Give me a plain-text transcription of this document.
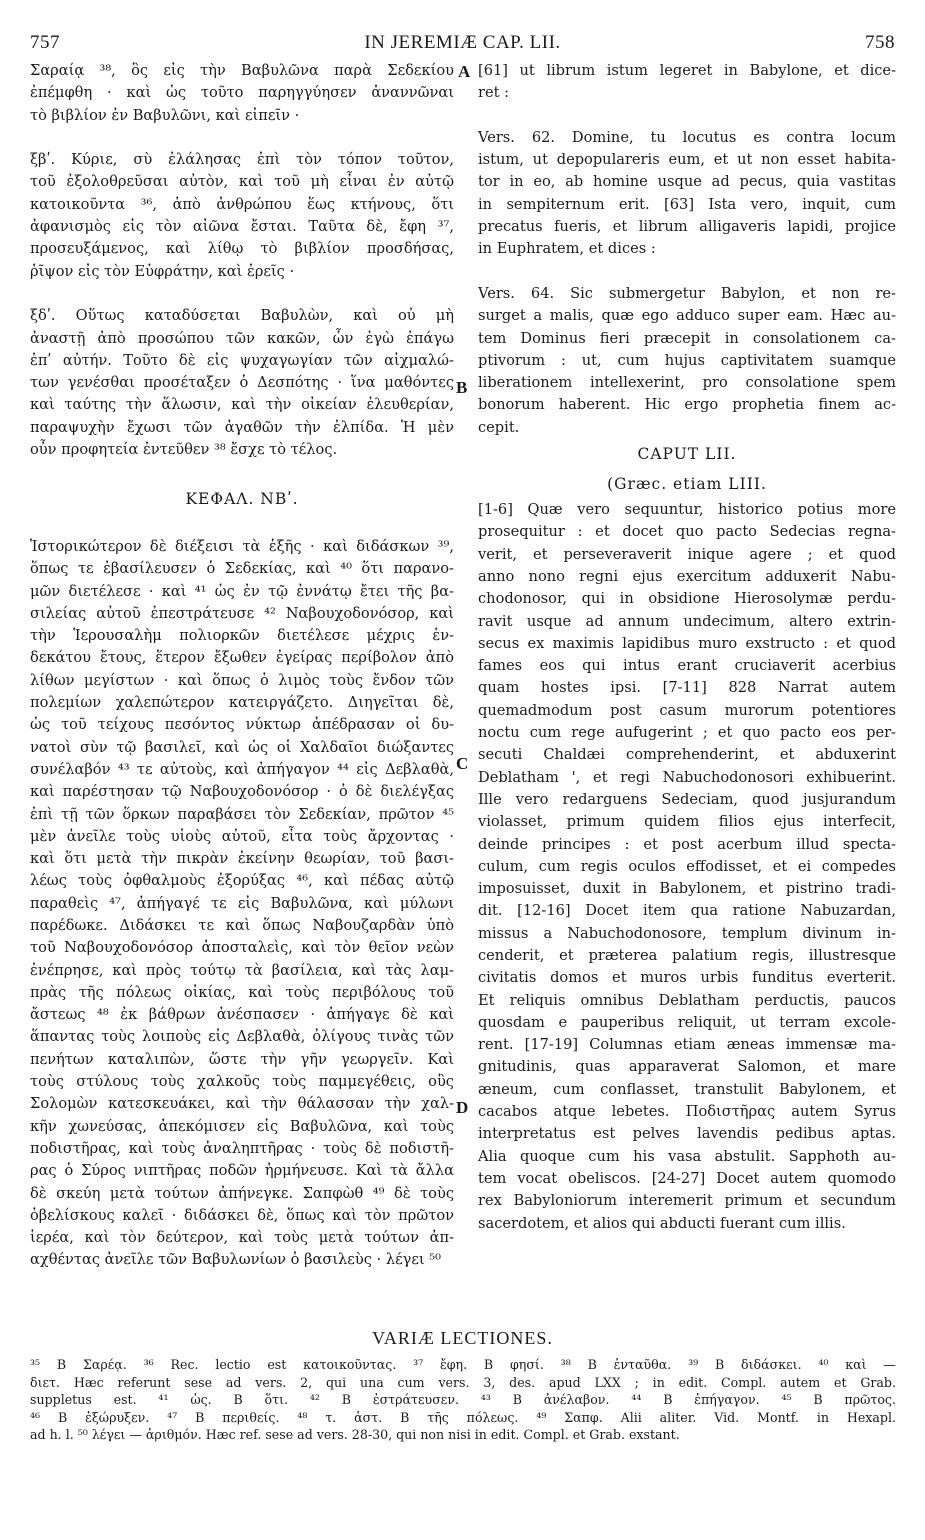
757	IN JEREMIÆ CAP. LII.	758
A
B
C
D
Σαραίᾳ ³⁸, ὃς εἰς τὴν Βαβυλῶνα παρὰ Σεδεκίου
ἐπέμφθη · καὶ ὡς τοῦτο παρηγγύησεν ἀναννῶναι
τὸ βιβλίον ἐν Βαβυλῶνι, καὶ εἰπεῖν ·
ξβʹ. Κύριε, σὺ ἐλάλησας ἐπὶ τὸν τόπον τοῦτον,
τοῦ ἐξολοθρεῦσαι αὐτὸν, καὶ τοῦ μὴ εἶναι ἐν αὐτῷ
κατοικοῦντα ³⁶, ἀπὸ ἀνθρώπου ἕως κτήνους, ὅτι
ἀφανισμὸς εἰς τὸν αἰῶνα ἔσται. Ταῦτα δὲ, ἔφη ³⁷,
προσευξάμενος, καὶ λίθῳ τὸ βιβλίον προσδήσας,
ῥῖψον εἰς τὸν Εὐφράτην, καὶ ἐρεῖς ·
ξδʹ. Οὕτως καταδύσεται Βαβυλὼν, καὶ οὐ μὴ
ἀναστῇ ἀπὸ προσώπου τῶν κακῶν, ὧν ἐγὼ ἐπάγω
ἐπʹ αὐτήν. Τοῦτο δὲ εἰς ψυχαγωγίαν τῶν αἰχμαλώ-
των γενέσθαι προσέταξεν ὁ Δεσπότης · ἵνα μαθόντες
καὶ ταύτης τὴν ἅλωσιν, καὶ τὴν οἰκείαν ἐλευθερίαν,
παραψυχὴν ἔχωσι τῶν ἀγαθῶν τὴν ἐλπίδα. Ἡ μὲν
οὖν προφητεία ἐντεῦθεν ³⁸ ἔσχε τὸ τέλος.
ΚΕΦΑΛ. ΝΒʹ.
Ἱστορικώτερον δὲ διέξεισι τὰ ἑξῆς · καὶ διδάσκων ³⁹,
ὅπως τε ἐβασίλευσεν ὁ Σεδεκίας, καὶ ⁴⁰ ὅτι παρανο-
μῶν διετέλεσε · καὶ ⁴¹ ὡς ἐν τῷ ἐννάτῳ ἔτει τῆς βα-
σιλείας αὐτοῦ ἐπεστράτευσε ⁴² Ναβουχοδονόσορ, καὶ
τὴν Ἱερουσαλὴμ πολιορκῶν διετέλεσε μέχρις ἑν-
δεκάτου ἔτους, ἕτερον ἔξωθεν ἐγείρας περίβολον ἀπὸ
λίθων μεγίστων · καὶ ὅπως ὁ λιμὸς τοὺς ἔνδον τῶν
πολεμίων χαλεπώτερον κατειργάζετο. Διηγεῖται δὲ,
ὡς τοῦ τείχους πεσόντος νύκτωρ ἀπέδρασαν οἱ δυ-
νατοὶ σὺν τῷ βασιλεῖ, καὶ ὡς οἱ Χαλδαῖοι διώξαντες
συνέλαβόν ⁴³ τε αὐτοὺς, καὶ ἀπήγαγον ⁴⁴ εἰς Δεβλαθὰ,
καὶ παρέστησαν τῷ Ναβουχοδονόσορ · ὁ δὲ διελέγξας
ἐπὶ τῇ τῶν ὅρκων παραβάσει τὸν Σεδεκίαν, πρῶτον ⁴⁵
μὲν ἀνεῖλε τοὺς υἱοὺς αὐτοῦ, εἶτα τοὺς ἄρχοντας ·
καὶ ὅτι μετὰ τὴν πικρὰν ἐκείνην θεωρίαν, τοῦ βασι-
λέως τοὺς ὀφθαλμοὺς ἐξορύξας ⁴⁶, καὶ πέδας αὐτῷ
παραθεὶς ⁴⁷, ἀπήγαγέ τε εἰς Βαβυλῶνα, καὶ μύλωνι
παρέδωκε. Διδάσκει τε καὶ ὅπως Ναβουζαρδὰν ὑπὸ
τοῦ Ναβουχοδονόσορ ἀποσταλεὶς, καὶ τὸν θεῖον νεὼν
ἐνέπρησε, καὶ πρὸς τούτῳ τὰ βασίλεια, καὶ τὰς λαμ-
πρὰς τῆς πόλεως οἰκίας, καὶ τοὺς περιβόλους τοῦ
ἄστεως ⁴⁸ ἐκ βάθρων ἀνέσπασεν · ἀπήγαγε δὲ καὶ
ἅπαντας τοὺς λοιποὺς εἰς Δεβλαθὰ, ὀλίγους τινὰς τῶν
πενήτων καταλιπὼν, ὥστε τὴν γῆν γεωργεῖν. Καὶ
τοὺς στύλους τοὺς χαλκοῦς τοὺς παμμεγέθεις, οὓς
Σολομὼν κατεσκευάκει, καὶ τὴν θάλασσαν τὴν χαλ-
κῆν χωνεύσας, ἀπεκόμισεν εἰς Βαβυλῶνα, καὶ τοὺς
ποδιστῆρας, καὶ τοὺς ἀναληπτῆρας · τοὺς δὲ ποδιστῆ-
ρας ὁ Σύρος νιπτῆρας ποδῶν ἡρμήνευσε. Καὶ τὰ ἄλλα
δὲ σκεύη μετὰ τούτων ἀπήνεγκε. Σαπφὼθ ⁴⁹ δὲ τοὺς
ὀβελίσκους καλεῖ · διδάσκει δὲ, ὅπως καὶ τὸν πρῶτον
ἱερέα, καὶ τὸν δεύτερον, καὶ τοὺς μετὰ τούτων ἀπ-
αχθέντας ἀνεῖλε τῶν Βαβυλωνίων ὁ βασιλεὺς · λέγει ⁵⁰
[61] ut librum istum legeret in Babylone, et dice-
ret :
Vers. 62. Domine, tu locutus es contra locum
istum, ut depopulareris eum, et ut non esset habita-
tor in eo, ab homine usque ad pecus, quia vastitas
in sempiternum erit. [63] Ista vero, inquit, cum
precatus fueris, et librum alligaveris lapidi, projice
in Euphratem, et dices :
Vers. 64. Sic submergetur Babylon, et non re-
surget a malis, quæ ego adduco super eam. Hæc au-
tem Dominus fieri præcepit in consolationem ca-
ptivorum : ut, cum hujus captivitatem suamque
liberationem intellexerint, pro consolatione spem
bonorum haberent. Hic ergo prophetia finem ac-
cepit.
CAPUT LII.
(Græc. etiam LIII.
[1-6] Quæ vero sequuntur, historico potius more
prosequitur : et docet quo pacto Sedecias regna-
verit, et perseveraverit inique agere ; et quod
anno nono regni ejus exercitum adduxerit Nabu-
chodonosor, qui in obsidione Hierosolymæ perdu-
ravit usque ad annum undecimum, altero extrin-
secus ex maximis lapidibus muro exstructo : et quod
fames eos qui intus erant cruciaverit acerbius
quam hostes ipsi. [7-11] 828 Narrat autem
quemadmodum post casum murorum potentiores
noctu cum rege aufugerint ; et quo pacto eos per-
secuti Chaldæi comprehenderint, et abduxerint
Deblatham ', et regi Nabuchodonosori exhibuerint.
Ille vero redarguens Sedeciam, quod jusjurandum
violasset, primum quidem filios ejus interfecit,
deinde principes : et post acerbum illud specta-
culum, cum regis oculos effodisset, et ei compedes
imposuisset, duxit in Babylonem, et pistrino tradi-
dit. [12-16] Docet item qua ratione Nabuzardan,
missus a Nabuchodonosore, templum divinum in-
cenderit, et præterea palatium regis, illustresque
civitatis domos et muros urbis funditus everterit.
Et reliquis omnibus Deblatham perductis, paucos
quosdam e pauperibus reliquit, ut terram excole-
rent. [17-19] Columnas etiam æneas immensæ ma-
gnitudinis, quas apparaverat Salomon, et mare
æneum, cum conflasset, transtulit Babylonem, et
cacabos atque lebetes. Ποδιστῆρας autem Syrus
interpretatus est pelves lavendis pedibus aptas.
Alia quoque cum his vasa abstulit. Sapphoth au-
tem vocat obeliscos. [24-27] Docet autem quomodo
rex Babyloniorum interemerit primum et secundum
sacerdotem, et alios qui abducti fuerant cum illis.
VARIÆ LECTIONES.
³⁵ B Σαρέᾳ. ³⁶ Rec. lectio est κατοικοῦντας. ³⁷ ἔφη. B φησί. ³⁸ B ἐνταῦθα. ³⁹ B διδάσκει. ⁴⁰ καὶ —
διετ. Hæc referunt sese ad vers. 2, qui una cum vers. 3, des. apud LXX ; in edit. Compl. autem et Grab.
suppletus est. ⁴¹ ὡς. B ὅτι. ⁴² B ἐστράτευσεν. ⁴³ B ἀνέλαβον. ⁴⁴ B ἐπήγαγον. ⁴⁵ B πρῶτος.
⁴⁶ B ἐξώρυξεν. ⁴⁷ B περιθείς. ⁴⁸ τ. ἀστ. B τῆς πόλεως. ⁴⁹ Σαπφ. Alii aliter. Vid. Montf. in Hexapl.
ad h. l. ⁵⁰ λέγει — ἀριθμόν. Hæc ref. sese ad vers. 28-30, qui non nisi in edit. Compl. et Grab. exstant.
